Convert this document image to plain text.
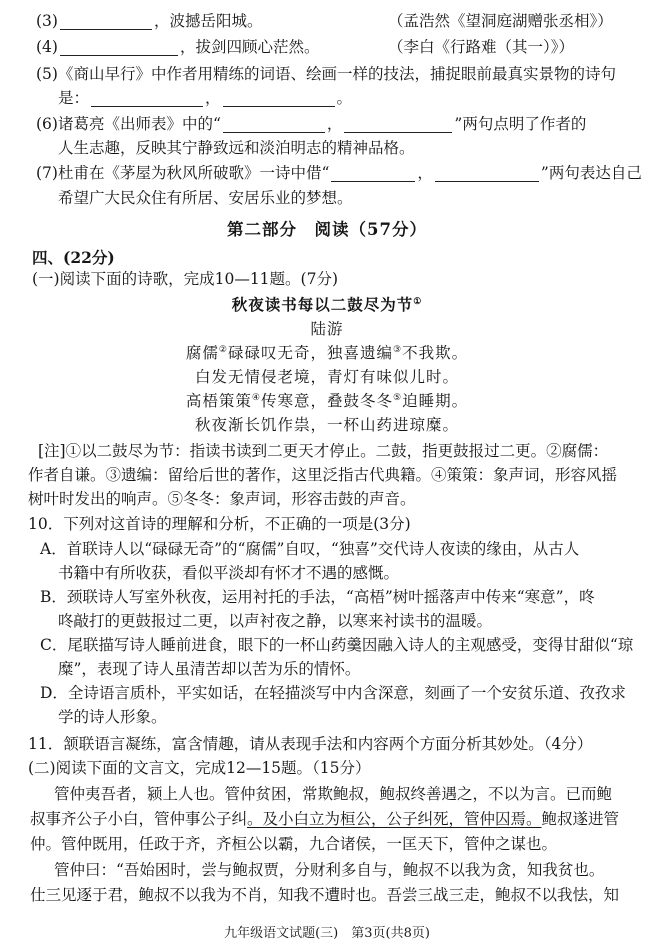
(3)	，波撼岳阳城。	（孟浩然《望洞庭湖赠张丞相》）
(4)	，拔剑四顾心茫然。	（李白《行路难（其一）》）
(5)《商山早行》中作者用精练的词语、绘画一样的技法，捕捉眼前最真实景物的诗句
是：	，	。
(6)诸葛亮《出师表》中的“	，	”两句点明了作者的
人生志趣，反映其宁静致远和淡泊明志的精神品格。
(7)杜甫在《茅屋为秋风所破歌》一诗中借“	，	”两句表达自己
希望广大民众住有所居、安居乐业的梦想。
第二部分　阅读（57分）
四、(22分)
(一)阅读下面的诗歌，完成10—11题。(7分)
秋夜读书每以二鼓尽为节①
陆游
腐儒②碌碌叹无奇，独喜遗编③不我欺。
白发无情侵老境，青灯有味似儿时。
高梧策策④传寒意，叠鼓冬冬⑤迫睡期。
秋夜渐长饥作祟，一杯山药进琼糜。
[注]①以二鼓尽为节：指读书读到二更天才停止。二鼓，指更鼓报过二更。②腐儒：
作者自谦。③遗编：留给后世的著作，这里泛指古代典籍。④策策：象声词，形容风摇
树叶时发出的响声。⑤冬冬：象声词，形容击鼓的声音。
10．下列对这首诗的理解和分析，不正确的一项是(3分)
A．首联诗人以“碌碌无奇”的“腐儒”自叹，“独喜”交代诗人夜读的缘由，从古人
书籍中有所收获，看似平淡却有怀才不遇的感慨。
B．颈联诗人写室外秋夜，运用衬托的手法，“高梧”树叶摇落声中传来“寒意”，咚
咚敲打的更鼓报过二更，以声衬夜之静，以寒来衬读书的温暖。
C．尾联描写诗人睡前进食，眼下的一杯山药羹因融入诗人的主观感受，变得甘甜似“琼
糜”，表现了诗人虽清苦却以苦为乐的情怀。
D．全诗语言质朴，平实如话，在轻描淡写中内含深意，刻画了一个安贫乐道、孜孜求
学的诗人形象。
11．颔联语言凝练，富含情趣，请从表现手法和内容两个方面分析其妙处。（4分）
(二)阅读下面的文言文，完成12—15题。（15分）
管仲夷吾者，颍上人也。管仲贫困，常欺鲍叔，鲍叔终善遇之，不以为言。已而鲍
叔事齐公子小白，管仲事公子纠。及小白立为桓公，公子纠死，管仲囚焉。鲍叔遂进管
仲。管仲既用，任政于齐，齐桓公以霸，九合诸侯，一匡天下，管仲之谋也。
管仲曰：“吾始困时，尝与鲍叔贾，分财利多自与，鲍叔不以我为贪，知我贫也。
仕三见逐于君，鲍叔不以我为不肖，知我不遭时也。吾尝三战三走，鲍叔不以我怯，知
九年级语文试题(三)　第3页(共8页)
